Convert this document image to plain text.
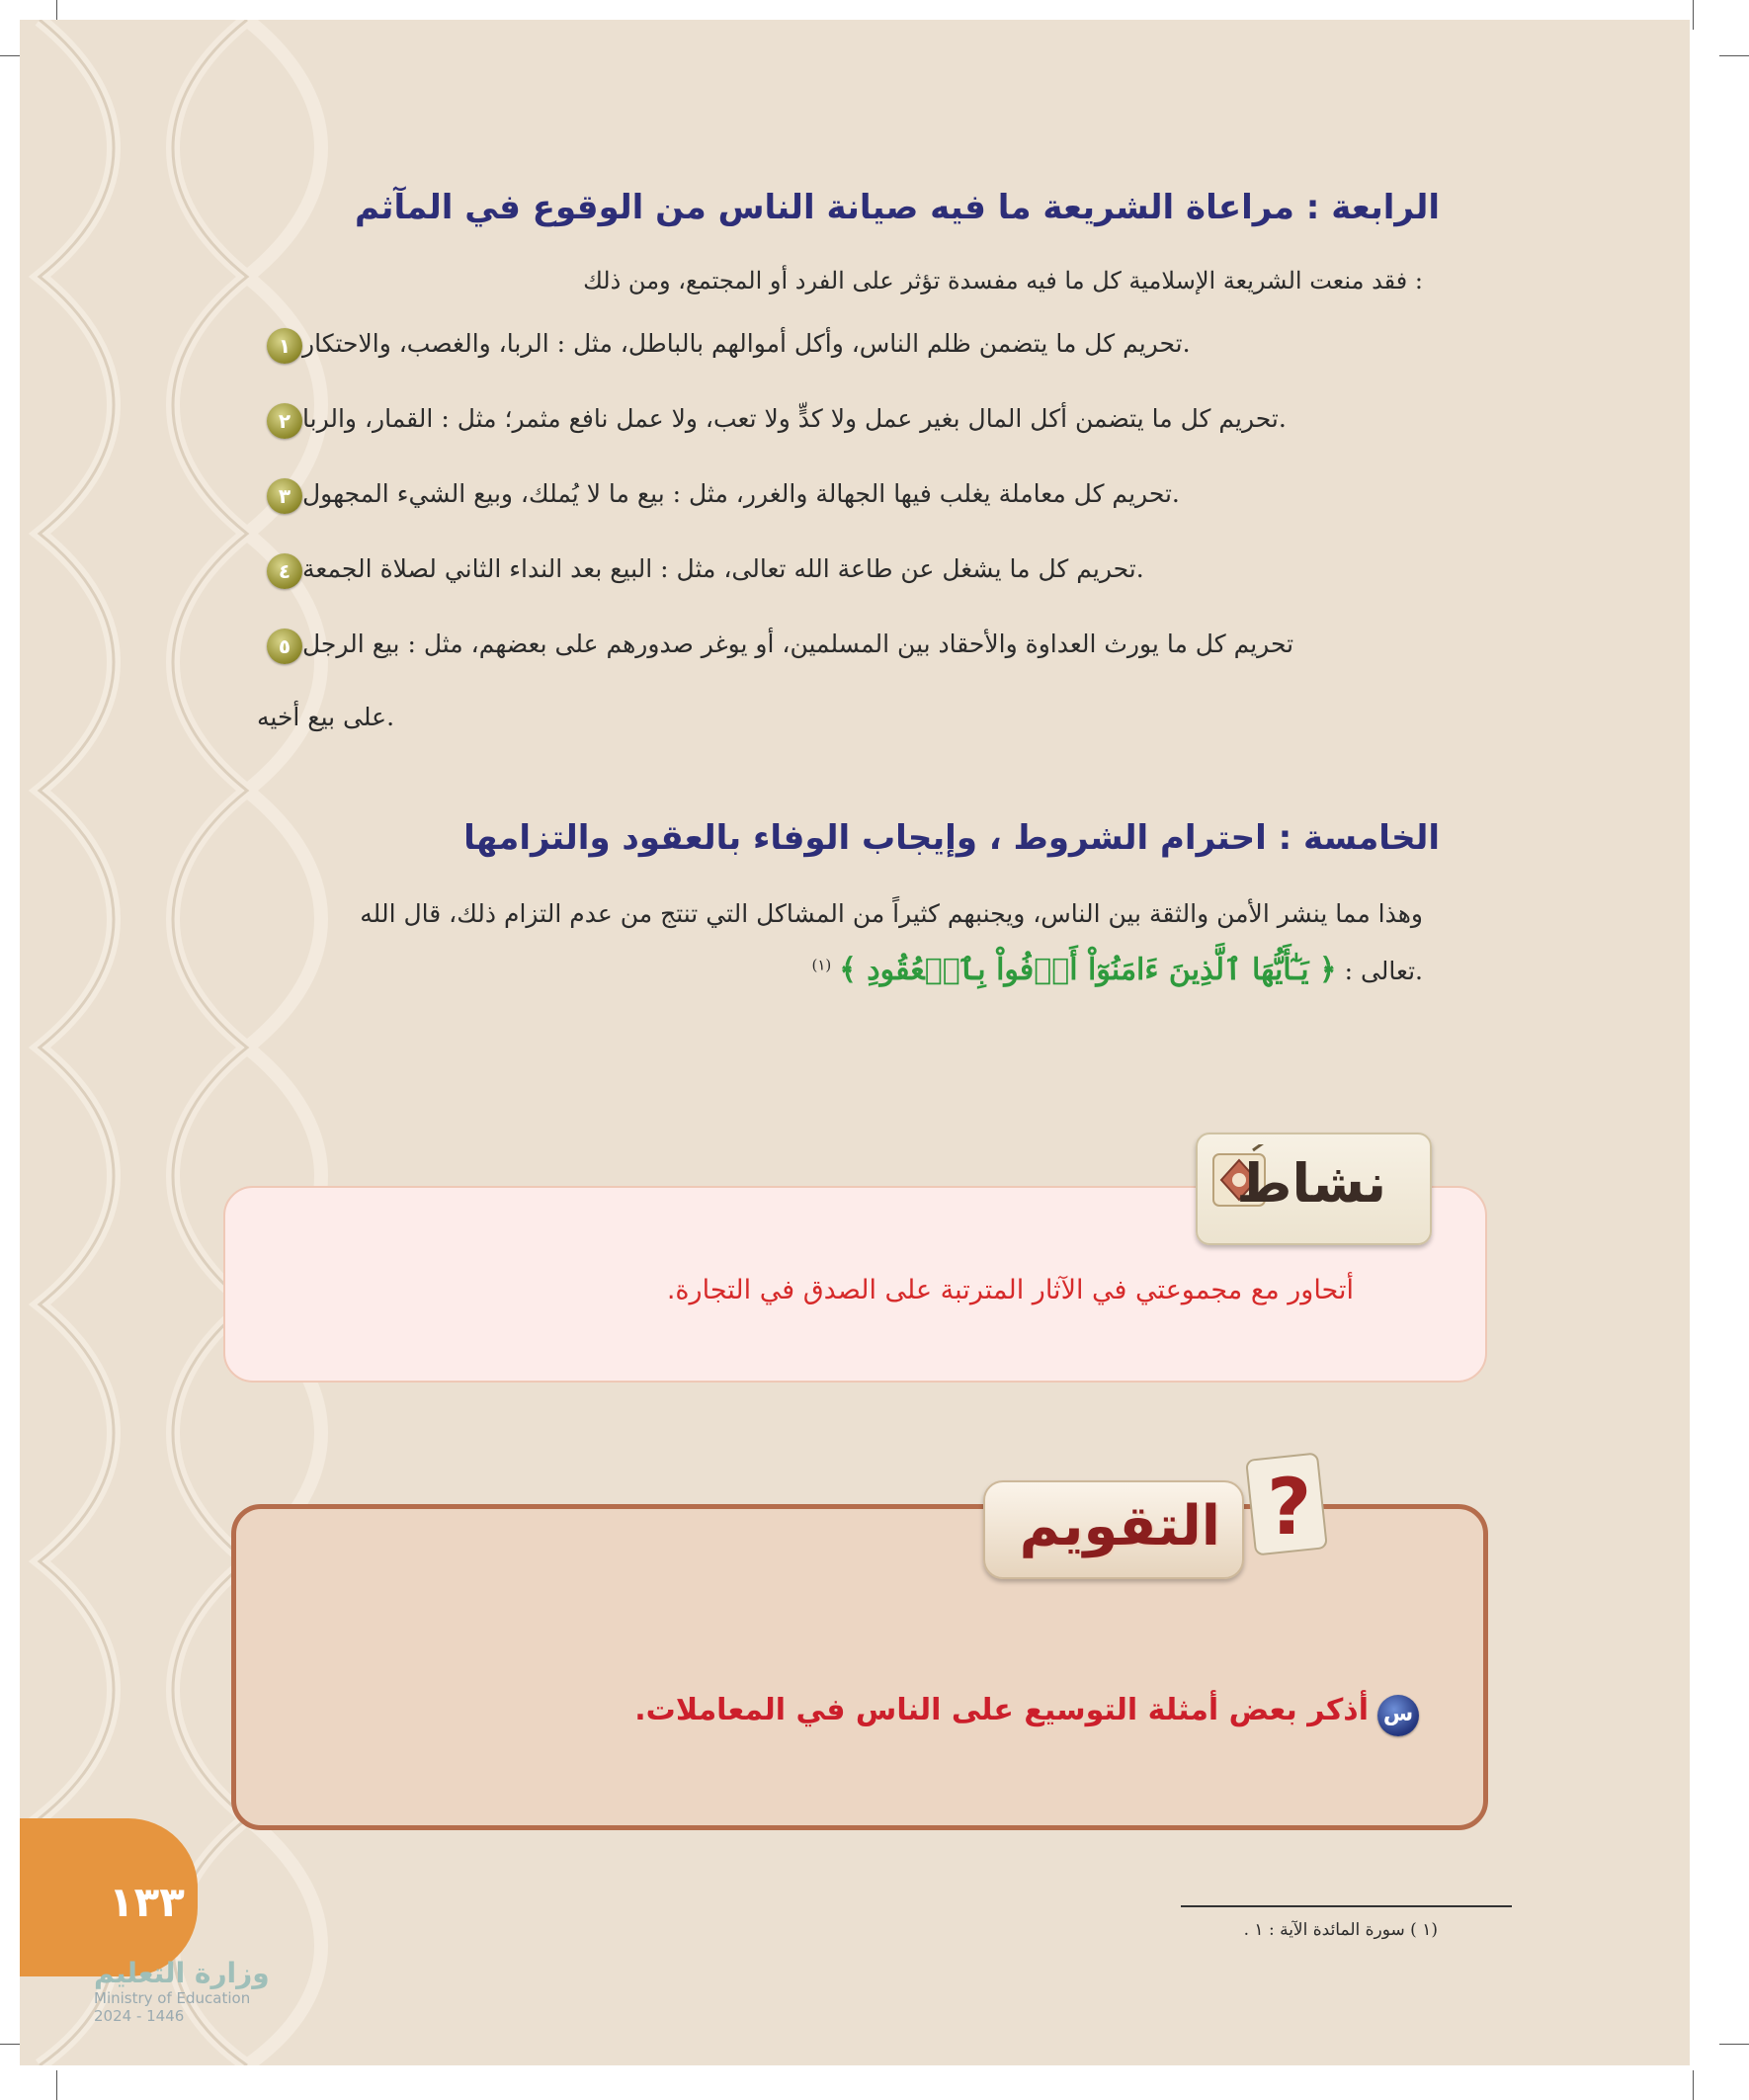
الرابعة : مراعاة الشريعة ما فيه صيانة الناس من الوقوع في المآثم

فقد منعت الشريعة الإسلامية كل ما فيه مفسدة تؤثر على الفرد أو المجتمع، ومن ذلك :

١ تحريم كل ما يتضمن ظلم الناس، وأكل أموالهم بالباطل، مثل : الربا، والغصب، والاحتكار.
٢ تحريم كل ما يتضمن أكل المال بغير عمل ولا كدٍّ ولا تعب، ولا عمل نافع مثمر؛ مثل : القمار، والربا.
٣ تحريم كل معاملة يغلب فيها الجهالة والغرر، مثل : بيع ما لا يُملك، وبيع الشيء المجهول.
٤ تحريم كل ما يشغل عن طاعة الله تعالى، مثل : البيع بعد النداء الثاني لصلاة الجمعة.
٥ تحريم كل ما يورث العداوة والأحقاد بين المسلمين، أو يوغر صدورهم على بعضهم، مثل : بيع الرجل
على بيع أخيه.
الخامسة : احترام الشروط ، وإيجاب الوفاء بالعقود والتزامها
وهذا مما ينشر الأمن والثقة بين الناس، ويجنبهم كثيراً من المشاكل التي تنتج من عدم التزام ذلك، قال الله
تعالى : ﴿ يَـٰٓأَيُّهَا ٱلَّذِينَ ءَامَنُوٓاْ أَوۡفُواْ بِٱلۡعُقُودِ ﴾ $^{(١)}$	.
نشاط
أتحاور مع مجموعتي في الآثار المترتبة على الصدق في التجارة.
التقويم ?
س
أذكر بعض أمثلة التوسيع على الناس في المعاملات.
١٣٣
وزارة التعليم
Ministry of Education
2024 - 1446
(١ ) سورة المائدة الآية : ١ .
